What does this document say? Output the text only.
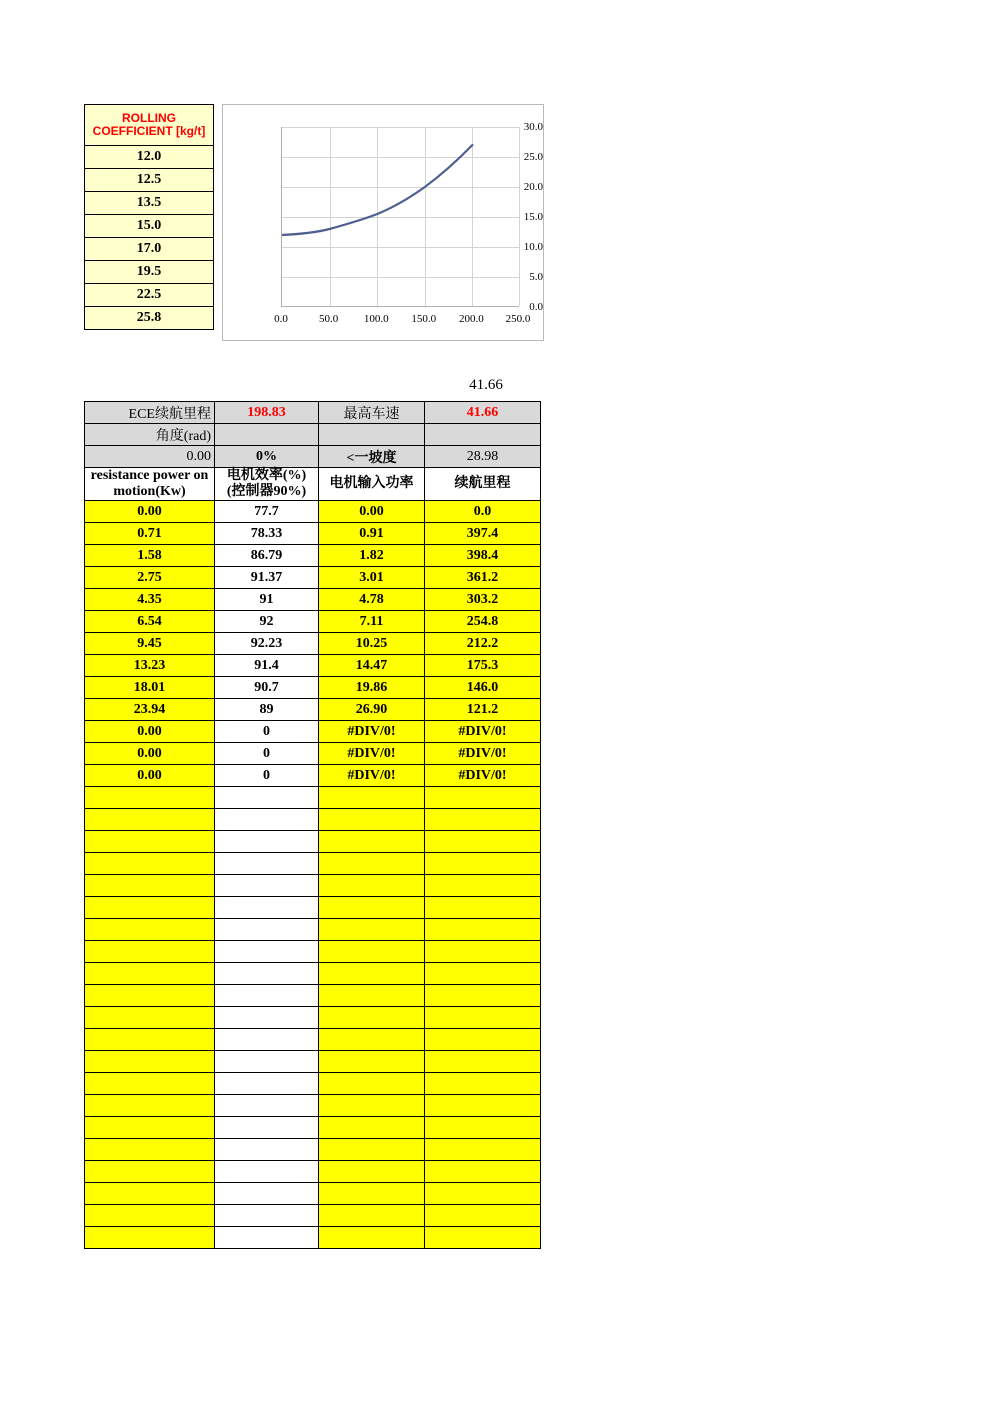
ROLLING COEFFICIENT [kg/t]
12.0
12.5
13.5
15.0
17.0
19.5
22.5
25.8
30.0
25.0
20.0
15.0
10.0
5.0
0.0
0.0	50.0	100.0	150.0	200.0	250.0
41.66
ECE续航里程	198.83	最高车速	41.66
角度(rad)			
0.00	0%	<一坡度	28.98
resistance power on motion(Kw)	电机效率(%)(控制器90%)	电机输入功率	续航里程
0.00	77.7	0.00	0.0
0.71	78.33	0.91	397.4
1.58	86.79	1.82	398.4
2.75	91.37	3.01	361.2
4.35	91	4.78	303.2
6.54	92	7.11	254.8
9.45	92.23	10.25	212.2
13.23	91.4	14.47	175.3
18.01	90.7	19.86	146.0
23.94	89	26.90	121.2
0.00	0	#DIV/0!	#DIV/0!
0.00	0	#DIV/0!	#DIV/0!
0.00	0	#DIV/0!	#DIV/0!
